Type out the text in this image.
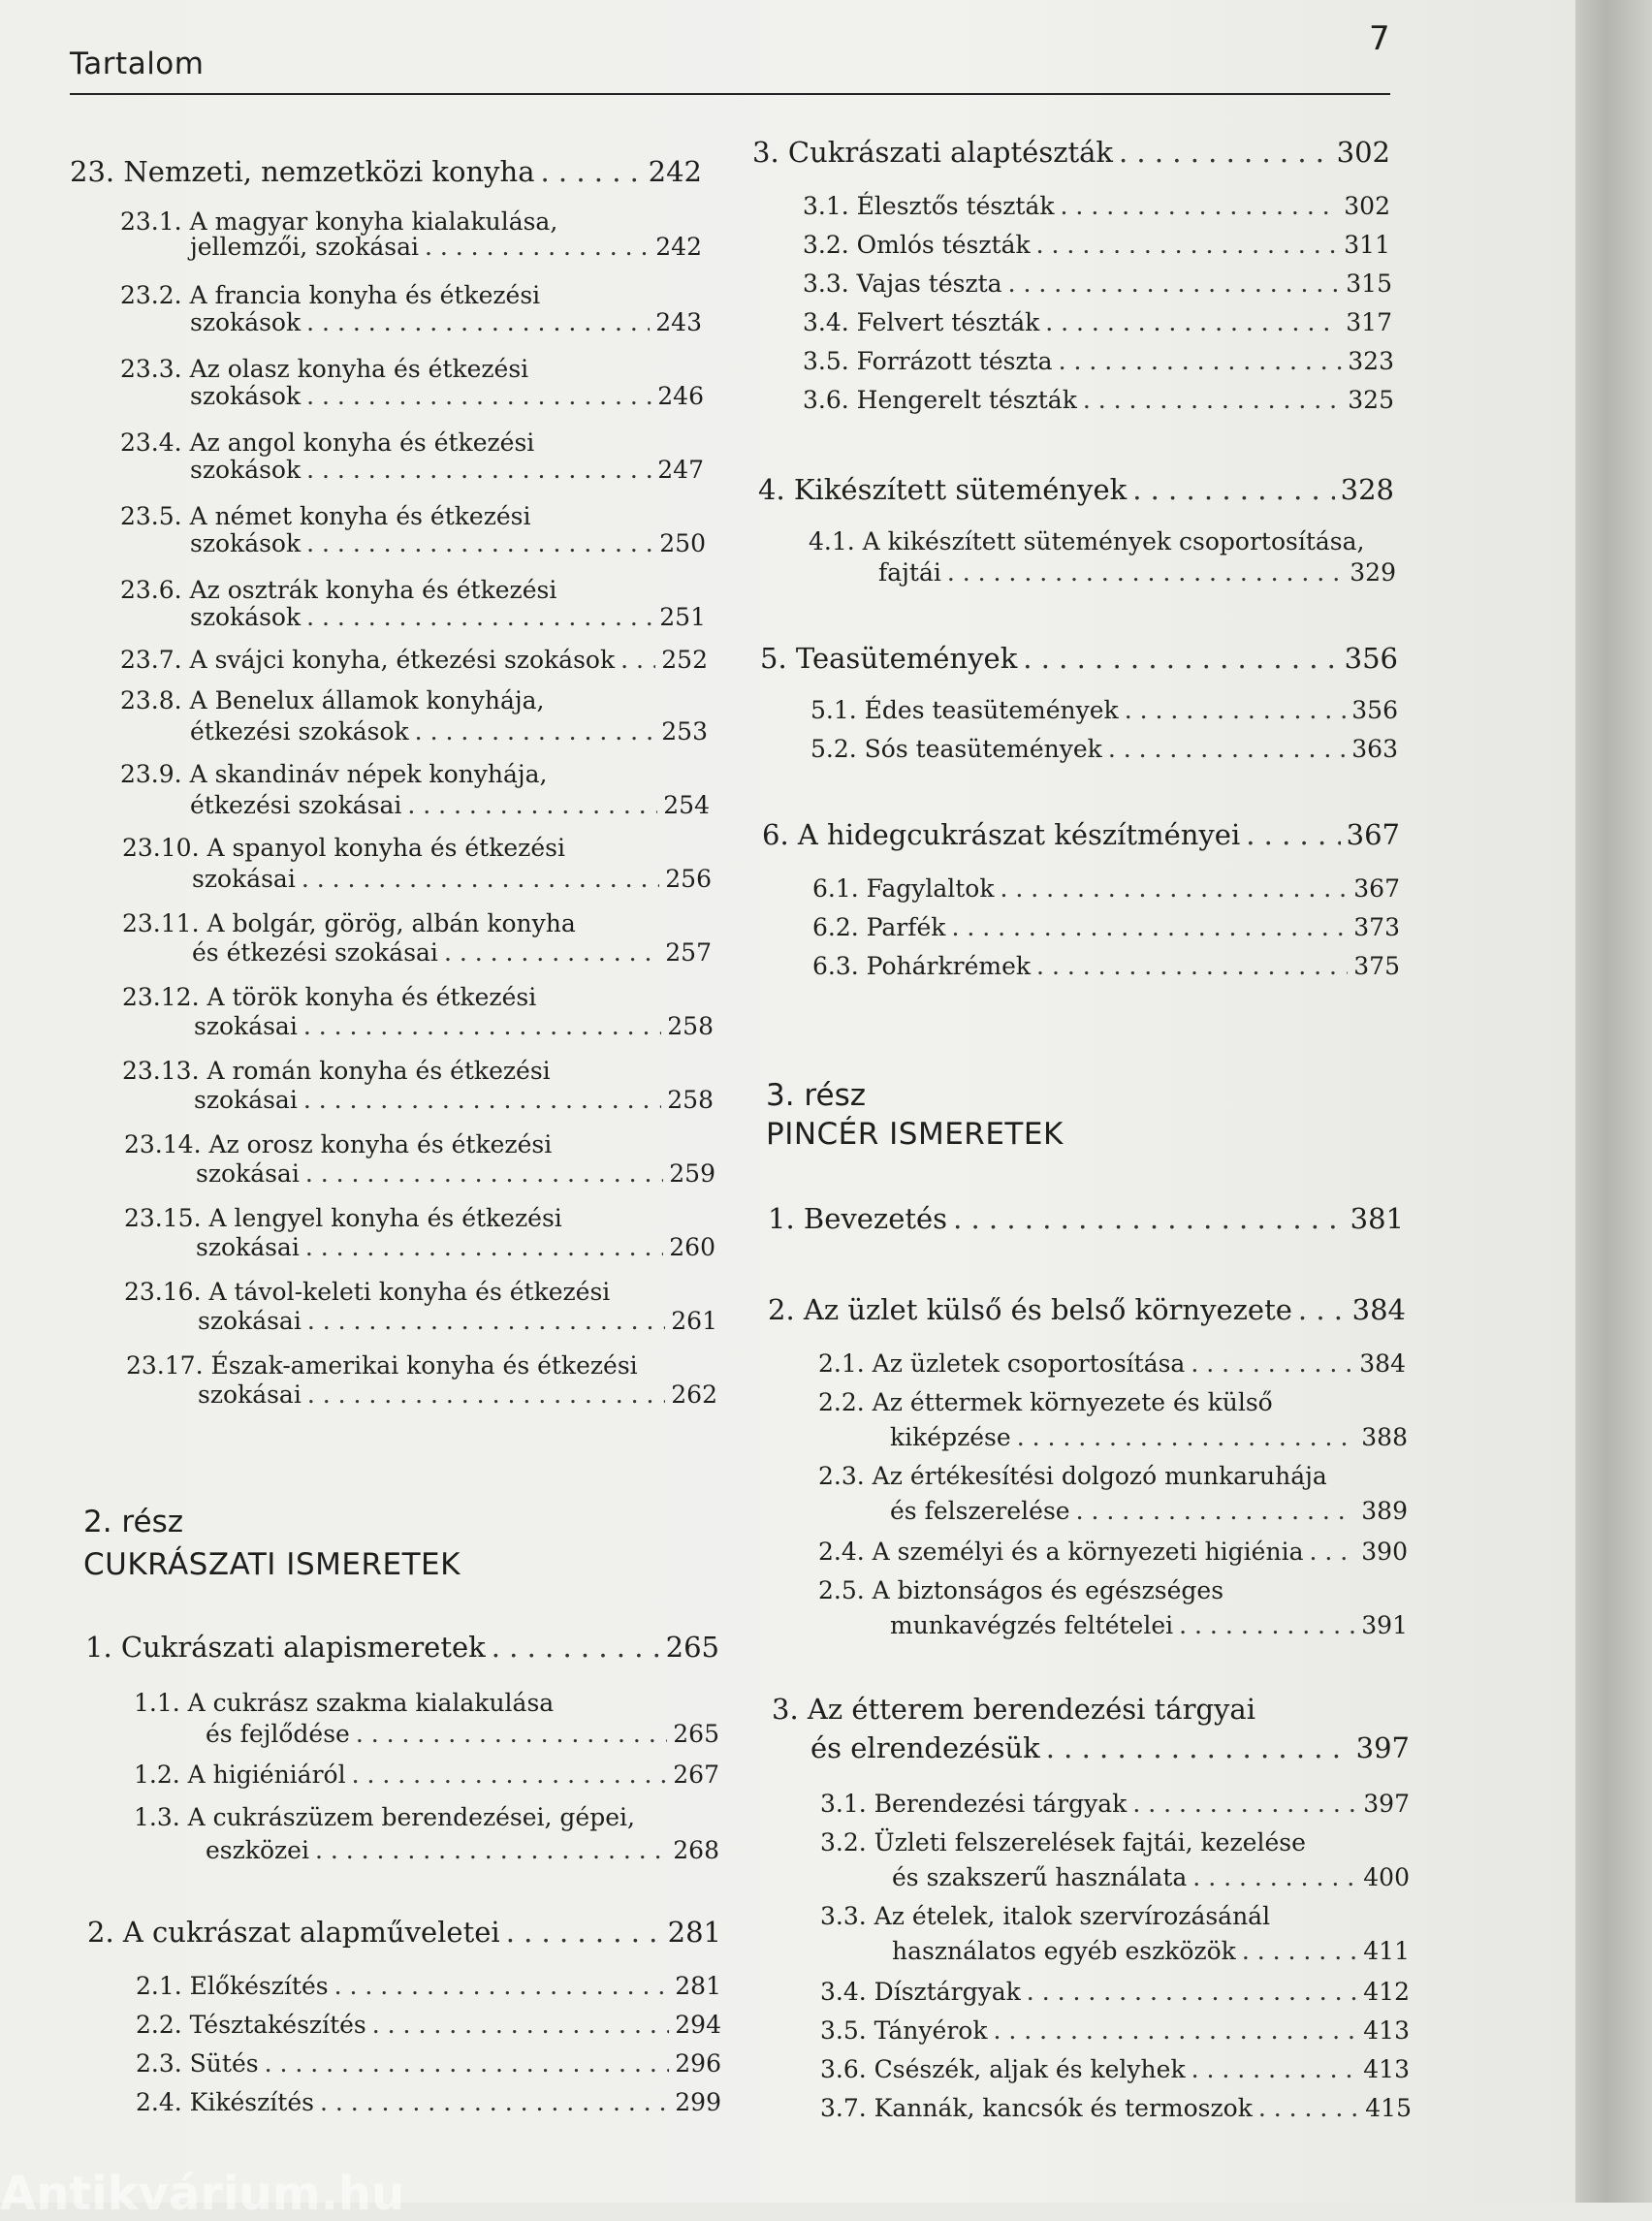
Tartalom
7
23.
Nemzeti, nemzetközi konyha . . .	242
23.1. A magyar konyha kialakulása,
jellemzői, szokásai . . .	242
23.2. A francia konyha és étkezési
szokások . . .	243
23.3. Az olasz konyha és étkezési
szokások . . .	246
23.4. Az angol konyha és étkezési
szokások . . .	247
23.5. A német konyha és étkezési
szokások . . .	250
23.6. Az osztrák konyha és étkezési
szokások . . .	251
23.7.
A svájci konyha, étkezési szokások . . . 252
23.8. A Benelux államok konyhája,
étkezési szokások . . .	253
23.9. A skandináv népek konyhája,
étkezési szokásai . . .	254
23.10. A spanyol konyha és étkezési
szokásai . . .	256
23.11. A bolgár, görög, albán konyha
és étkezési szokásai . . .	257
23.12. A török konyha és étkezési
szokásai . . .	258
23.13. A román konyha és étkezési
szokásai . . .	258
23.14. Az orosz konyha és étkezési
szokásai . . .	259
23.15. A lengyel konyha és étkezési
szokásai . . .	260
23.16. A távol-keleti konyha és étkezési
szokásai . . .	261
23.17. Észak-amerikai konyha és étkezési
szokásai . . .	262
2. rész
CUKRÁSZATI ISMERETEK
1.
Cukrászati alapismeretek . . .	265
1.1. A cukrász szakma kialakulása
és fejlődése . . .	265
1.2.
A higiéniáról . . .	267
1.3. A cukrászüzem berendezései, gépei,
eszközei . . .	268
2.
A cukrászat alapműveletei . . .	281
2.1.
Előkészítés . . .	281
2.2.
Tésztakészítés . . .	294
2.3.
Sütés . . .	296
2.4.
Kikészítés . . .	299
3.
Cukrászati alaptészták . . .	302
3.1.
Élesztős tészták . . .	302
3.2.
Omlós tészták . . .	311
3.3.
Vajas tészta . . .	315
3.4.
Felvert tészták . . .	317
3.5.
Forrázott tészta . . .	323
3.6.
Hengerelt tészták . . .	325
4.
Kikészített sütemények . . .	328
4.1. A kikészített sütemények csoportosítása,
fajtái . . .	329
5.
Teasütemények . . .	356
5.1.
Édes teasütemények . . .	356
5.2.
Sós teasütemények . . .	363
6.
A hidegcukrászat készítményei . . .	367
6.1.
Fagylaltok . . .	367
6.2.
Parfék . . .	373
6.3.
Pohárkrémek . . .	375
3. rész
PINCÉR ISMERETEK
1.
Bevezetés . . .	381
2.
Az üzlet külső és belső környezete . . . 384
2.1.
Az üzletek csoportosítása . . .	384
2.2. Az éttermek környezete és külső
kiképzése . . .	388
2.3. Az értékesítési dolgozó munkaruhája
és felszerelése . . .	389
2.4.
A személyi és a környezeti higiénia . . . 390
2.5. A biztonságos és egészséges
munkavégzés feltételei . . .	391
3. Az étterem berendezési tárgyai
és elrendezésük . . .	397
3.1.
Berendezési tárgyak . . .	397
3.2. Üzleti felszerelések fajtái, kezelése
és szakszerű használata . . .	400
3.3. Az ételek, italok szervírozásánál
használatos egyéb eszközök . . .	411
3.4.
Dísztárgyak . . .	412
3.5.
Tányérok . . .	413
3.6.
Csészék, aljak és kelyhek . . .	413
3.7.
Kannák, kancsók és termoszok . . .	415
Antikvárium.hu
